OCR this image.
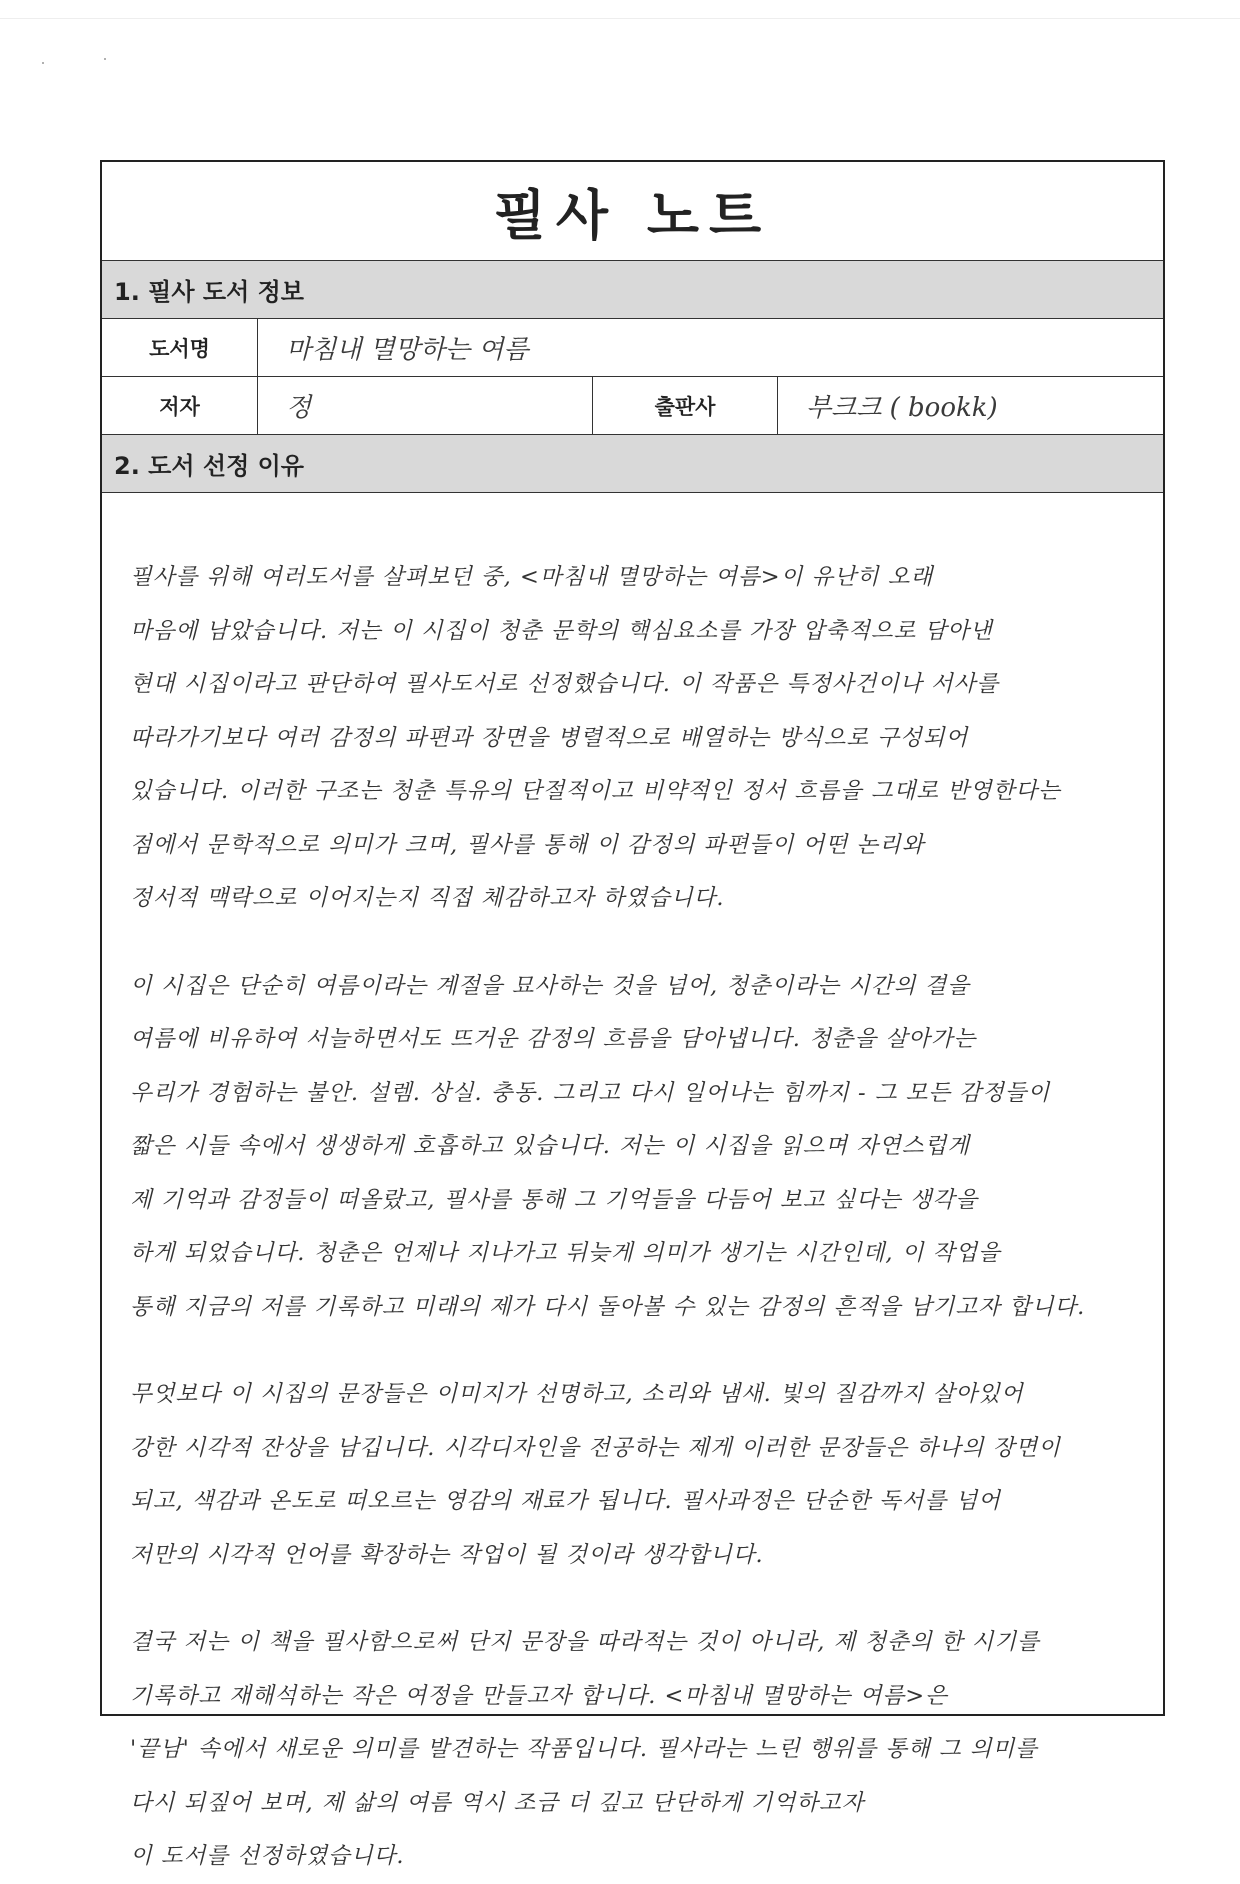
필사 노트
1. 필사 도서 정보
도서명	마침내 멸망하는 여름
저자	정	출판사	부크크 ( bookk)
2. 도서 선정 이유
필사를 위해 여러도서를 살펴보던 중, <마침내 멸망하는 여름>이 유난히 오래
마음에 남았습니다. 저는 이 시집이 청춘 문학의 핵심요소를 가장 압축적으로 담아낸
현대 시집이라고 판단하여 필사도서로 선정했습니다. 이 작품은 특정사건이나 서사를
따라가기보다 여러 감정의 파편과 장면을 병렬적으로 배열하는 방식으로 구성되어
있습니다. 이러한 구조는 청춘 특유의 단절적이고 비약적인 정서 흐름을 그대로 반영한다는
점에서 문학적으로 의미가 크며, 필사를 통해 이 감정의 파편들이 어떤 논리와
정서적 맥락으로 이어지는지 직접 체감하고자 하였습니다.
이 시집은 단순히 여름이라는 계절을 묘사하는 것을 넘어, 청춘이라는 시간의 결을
여름에 비유하여 서늘하면서도 뜨거운 감정의 흐름을 담아냅니다. 청춘을 살아가는
우리가 경험하는 불안. 설렘. 상실. 충동. 그리고 다시 일어나는 힘까지 - 그 모든 감정들이
짧은 시들 속에서 생생하게 호흡하고 있습니다. 저는 이 시집을 읽으며 자연스럽게
제 기억과 감정들이 떠올랐고, 필사를 통해 그 기억들을 다듬어 보고 싶다는 생각을
하게 되었습니다. 청춘은 언제나 지나가고 뒤늦게 의미가 생기는 시간인데, 이 작업을
통해 지금의 저를 기록하고 미래의 제가 다시 돌아볼 수 있는 감정의 흔적을 남기고자 합니다.
무엇보다 이 시집의 문장들은 이미지가 선명하고, 소리와 냄새. 빛의 질감까지 살아있어
강한 시각적 잔상을 남깁니다. 시각디자인을 전공하는 제게 이러한 문장들은 하나의 장면이
되고, 색감과 온도로 떠오르는 영감의 재료가 됩니다. 필사과정은 단순한 독서를 넘어
저만의 시각적 언어를 확장하는 작업이 될 것이라 생각합니다.
결국 저는 이 책을 필사함으로써 단지 문장을 따라적는 것이 아니라, 제 청춘의 한 시기를
기록하고 재해석하는 작은 여정을 만들고자 합니다. <마침내 멸망하는 여름>은
'끝남' 속에서 새로운 의미를 발견하는 작품입니다. 필사라는 느린 행위를 통해 그 의미를
다시 되짚어 보며, 제 삶의 여름 역시 조금 더 깊고 단단하게 기억하고자
이 도서를 선정하였습니다.
